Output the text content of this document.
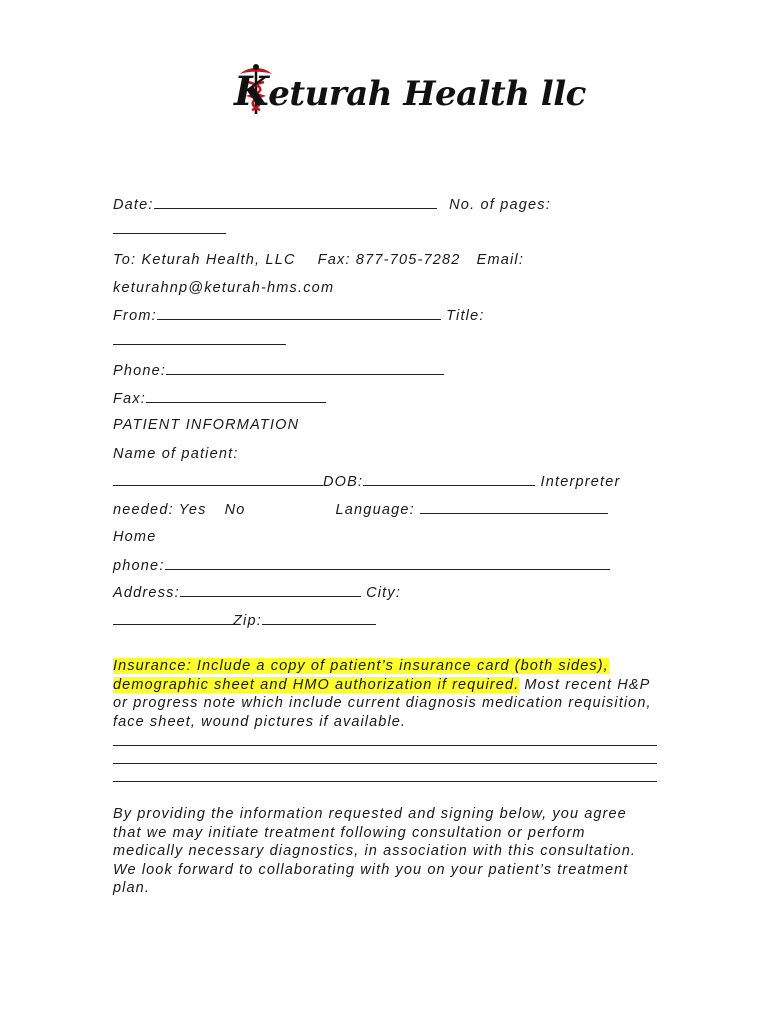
Keturah Health llc
Date:	No. of pages:
To: Keturah Health, LLC Fax: 877-705-7282 Email:
keturahnp@keturah-hms.com
From:	Title:
Phone:
Fax:
PATIENT INFORMATION
Name of patient:
DOB:	Interpreter
needed: Yes No	Language:
Home
phone:
Address:	City:
Zip:
Insurance: Include a copy of patient’s insurance card (both sides), demographic sheet and HMO authorization if required. Most recent H&P or progress note which include current diagnosis medication requisition, face sheet, wound pictures if available.
By providing the information requested and signing below, you agree that we may initiate treatment following consultation or perform medically necessary diagnostics, in association with this consultation. We look forward to collaborating with you on your patient’s treatment plan.
